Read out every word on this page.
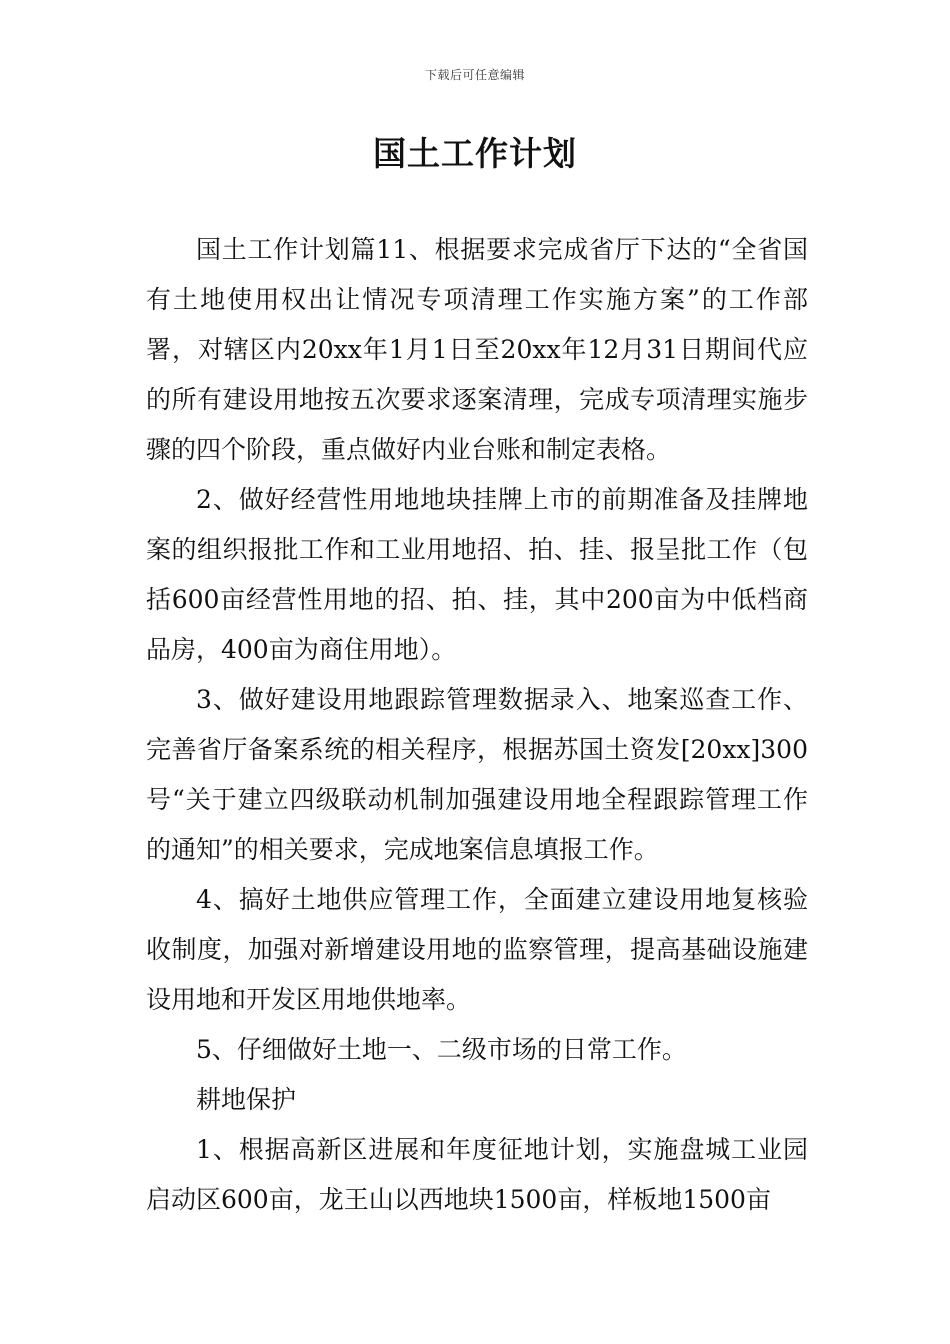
下载后可任意编辑
国土工作计划

国土工作计划篇11、根据要求完成省厅下达的“全省国有土地使用权出让情况专项清理工作实施方案”的工作部署，对辖区内20xx年1月1日至20xx年12月31日期间代应的所有建设用地按五次要求逐案清理，完成专项清理实施步骤的四个阶段，重点做好内业台账和制定表格。

2、做好经营性用地地块挂牌上市的前期准备及挂牌地案的组织报批工作和工业用地招、拍、挂、报呈批工作（包括600亩经营性用地的招、拍、挂，其中200亩为中低档商品房，400亩为商住用地）。

3、做好建设用地跟踪管理数据录入、地案巡查工作、完善省厅备案系统的相关程序，根据苏国土资发[20xx]300号“关于建立四级联动机制加强建设用地全程跟踪管理工作的通知”的相关要求，完成地案信息填报工作。

4、搞好土地供应管理工作，全面建立建设用地复核验收制度，加强对新增建设用地的监察管理，提高基础设施建设用地和开发区用地供地率。

5、仔细做好土地一、二级市场的日常工作。

耕地保护

1、根据高新区进展和年度征地计划，实施盘城工业园启动区600亩，龙王山以西地块1500亩，样板地1500亩
